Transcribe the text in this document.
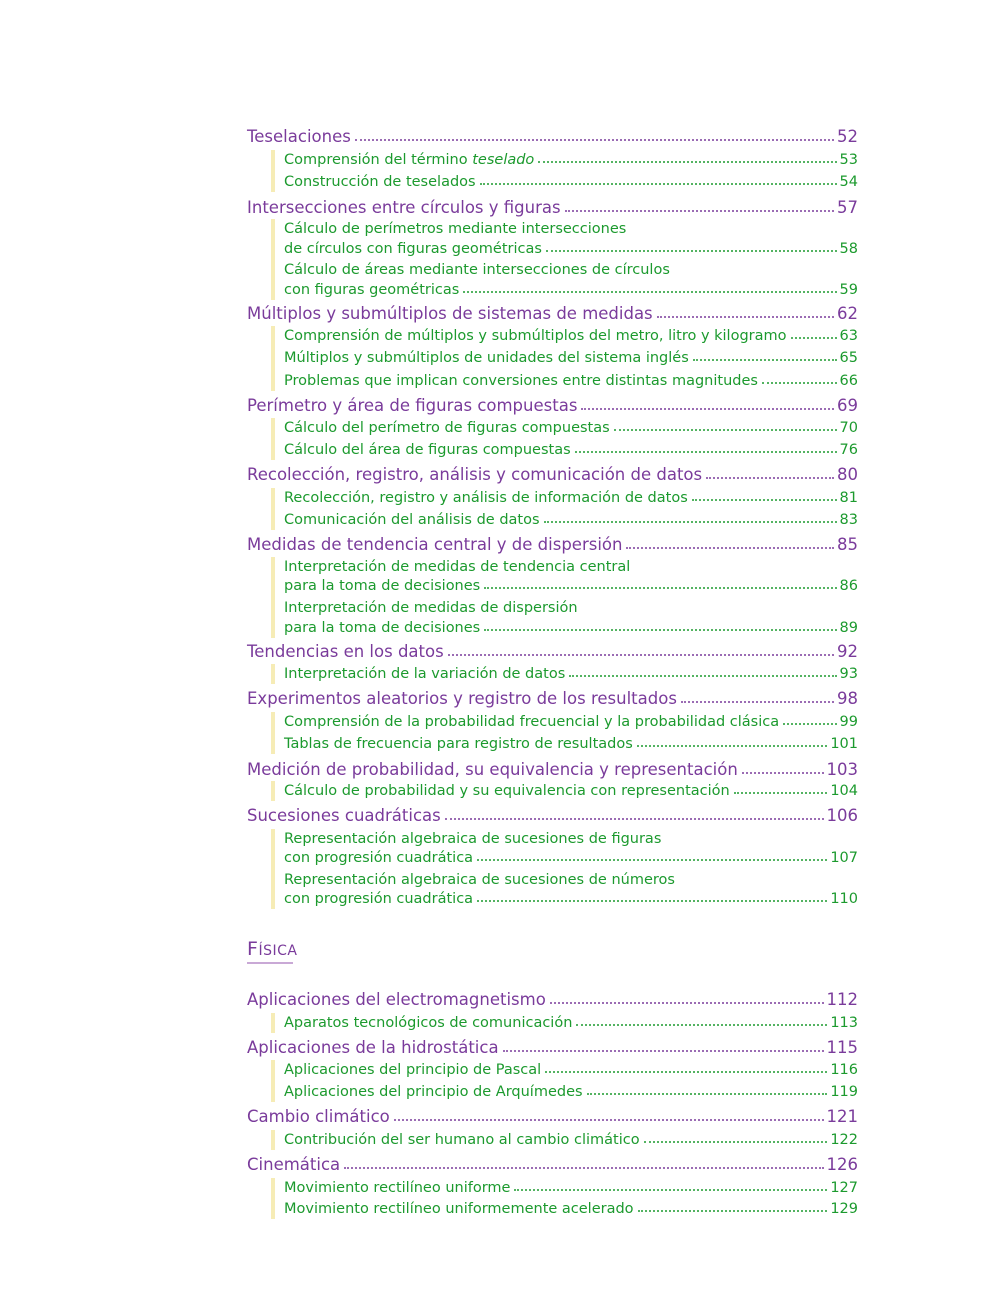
Teselaciones	52
Comprensión del término teselado	53
Construcción de teselados	54
Intersecciones entre círculos y figuras	57
Cálculo de perímetros mediante intersecciones
de círculos con figuras geométricas	58
Cálculo de áreas mediante intersecciones de círculos
con figuras geométricas	59
Múltiplos y submúltiplos de sistemas de medidas	62
Comprensión de múltiplos y submúltiplos del metro, litro y kilogramo	63
Múltiplos y submúltiplos de unidades del sistema inglés	65
Problemas que implican conversiones entre distintas magnitudes	66
Perímetro y área de figuras compuestas	69
Cálculo del perímetro de figuras compuestas	70
Cálculo del área de figuras compuestas	76
Recolección, registro, análisis y comunicación de datos	80
Recolección, registro y análisis de información de datos	81
Comunicación del análisis de datos	83
Medidas de tendencia central y de dispersión	85
Interpretación de medidas de tendencia central
para la toma de decisiones	86
Interpretación de medidas de dispersión
para la toma de decisiones	89
Tendencias en los datos	92
Interpretación de la variación de datos	93
Experimentos aleatorios y registro de los resultados	98
Comprensión de la probabilidad frecuencial y la probabilidad clásica	99
Tablas de frecuencia para registro de resultados	101
Medición de probabilidad, su equivalencia y representación	103
Cálculo de probabilidad y su equivalencia con representación	104
Sucesiones cuadráticas	106
Representación algebraica de sucesiones de figuras
con progresión cuadrática	107
Representación algebraica de sucesiones de números
con progresión cuadrática	110
Aplicaciones del electromagnetismo	112
Aparatos tecnológicos de comunicación	113
Aplicaciones de la hidrostática	115
Aplicaciones del principio de Pascal	116
Aplicaciones del principio de Arquímedes	119
Cambio climático	121
Contribución del ser humano al cambio climático	122
Cinemática	126
Movimiento rectilíneo uniforme	127
Movimiento rectilíneo uniformemente acelerado	129
FÍSICA
